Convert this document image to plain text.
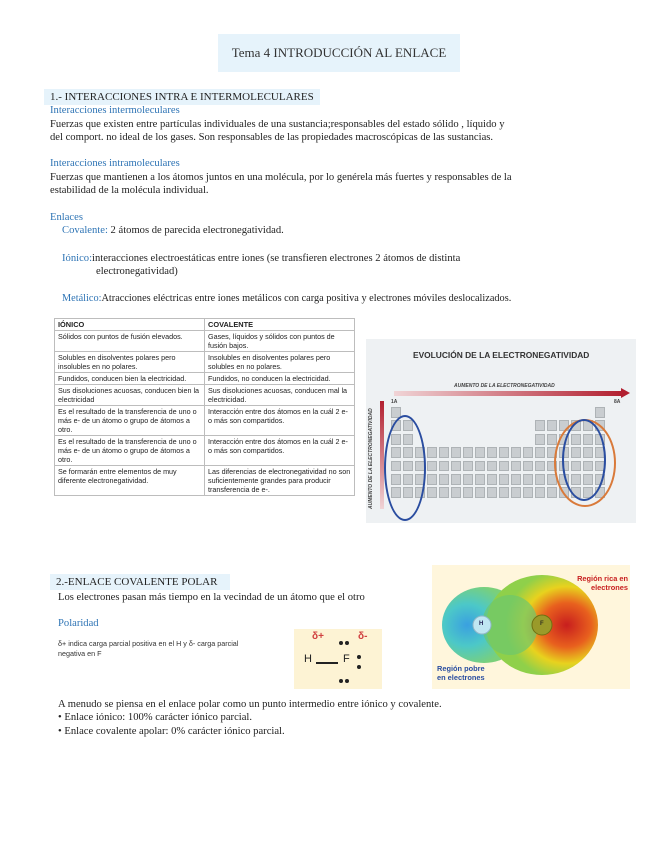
Tema 4 INTRODUCCIÓN AL ENLACE
1.- INTERACCIONES INTRA E INTERMOLECULARES
Interacciones intermoleculares
Fuerzas que existen entre partículas individuales de una sustancia;responsables del estado sólido , líquido y
del comport. no ideal de los gases. Son responsables de las propiedades macroscópicas de las sustancias.
Interacciones intramoleculares
Fuerzas que mantienen a los átomos juntos en una molécula, por lo genérela más fuertes y responsables de la
estabilidad de la molécula individual.
Enlaces
Covalente: 2 átomos de parecida electronegatividad.
Iónico:interacciones electroestáticas entre iones (se transfieren electrones 2 átomos de distinta
electronegatividad)
Metálico:Atracciones eléctricas entre iones metálicos con carga positiva y electrones móviles deslocalizados.
IÓNICO	COVALENTE
Sólidos con puntos de fusión elevados.	Gases, líquidos y sólidos con puntos de fusión bajos.
Solubles en disolventes polares pero insolubles en no polares.	Insolubles en disolventes polares pero solubles en no polares.
Fundidos, conducen bien la electricidad.	Fundidos, no conducen la electricidad.
Sus disoluciones acuosas, conducen bien la electricidad	Sus disoluciones acuosas, conducen mal la electricidad.
Es el resultado de la transferencia de uno o más e- de un átomo o grupo de átomos a otro.	Interacción entre dos átomos en la cuál 2 e- o más son compartidos.
Es el resultado de la transferencia de uno o más e- de un átomo o grupo de átomos a otro.	Interacción entre dos átomos en la cuál 2 e- o más son compartidos.
Se formarán entre elementos de muy diferente electronegatividad.	Las diferencias de electronegatividad no son suficientemente grandes para producir transferencia de e-.
EVOLUCIÓN DE LA ELECTRONEGATIVIDAD
AUMENTO DE LA ELECTRONEGATIVIDAD
AUMENTO DE LA ELECTRONEGATIVIDAD
1A	8A
2.-ENLACE COVALENTE POLAR
Los electrones pasan más tiempo en la vecindad de un átomo que el otro
Polaridad
δ+ indica carga parcial positiva en el H y δ- carga parcial
negativa en F
δ+	δ-
H	F
H	F
Región rica en
electrones
Región pobre
en electrones
A menudo se piensa en el enlace polar como un punto intermedio entre iónico y covalente.
• Enlace iónico: 100% carácter iónico parcial.
• Enlace covalente apolar: 0% carácter iónico parcial.
